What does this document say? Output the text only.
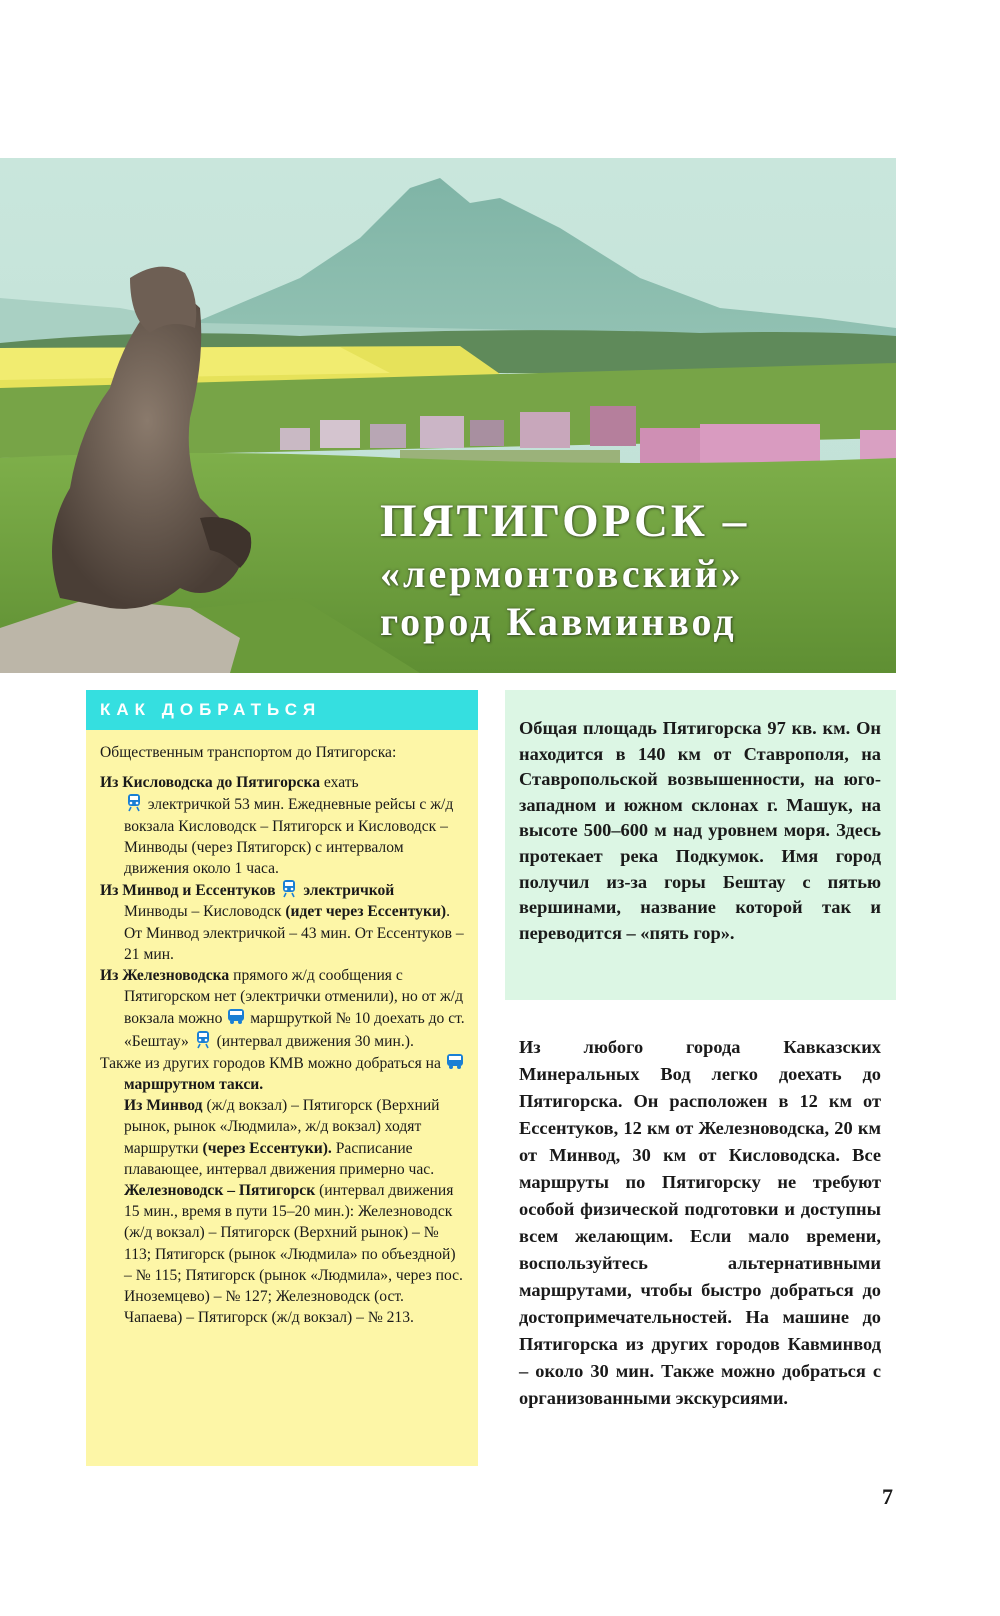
ПЯТИГОРСК –
«лермонтовский»
город Кавминвод
КАК ДОБРАТЬСЯ

Общественным транспортом до Пятигорска:

Из Кисловодска до Пятигорска ехать

электричкой 53 мин. Ежедневные рейсы с ж/д вокзала Кисловодск – Пятигорск и Кисловодск – Минводы (через Пятигорск) с интервалом движения около 1 часа.

Из Минвод и Ессентуков
электричкой
Минводы – Кисловодск (идет через Ессентуки). От Минвод электричкой – 43 мин. От Ессентуков – 21 мин.

Из Железноводска прямого ж/д сообщения с Пятигорском нет (электрички отменили), но от ж/д вокзала можно
маршруткой № 10 доехать до ст. «Бештау»
(интервал движения 30 мин.).

Также из других городов КМВ можно добраться на
маршрутном такси.

Из Минвод (ж/д вокзал) – Пятигорск (Верхний рынок, рынок «Людмила», ж/д вокзал) ходят маршрутки (через Ессентуки). Расписание плавающее, интервал движения примерно час.

Железноводск – Пятигорск (интервал движения 15 мин., время в пути 15–20 мин.): Железноводск (ж/д вокзал) – Пятигорск (Верхний рынок) – № 113; Пятигорск (рынок «Людмила» по объездной) – № 115; Пятигорск (рынок «Людмила», через пос. Иноземцево) – № 127; Железноводск (ост. Чапаева) – Пятигорск (ж/д вокзал) – № 213.

Общая площадь Пятигорска 97 кв. км. Он находится в 140 км от Ставрополя, на Ставропольской возвышенности, на юго-западном и южном склонах г. Машук, на высоте 500–600 м над уровнем моря. Здесь протекает река Подкумок. Имя город получил из-за горы Бештау с пятью вершинами, название которой так и переводится – «пять гор».

Из любого города Кавказских Минеральных Вод легко доехать до Пятигорска. Он расположен в 12 км от Ессентуков, 12 км от Железноводска, 20 км от Минвод, 30 км от Кисловодска. Все маршруты по Пятигорску не требуют особой физической подготовки и доступны всем желающим. Если мало времени, воспользуйтесь альтернативными маршрутами, чтобы быстро добраться до достопримечательностей. На машине до Пятигорска из других городов Кавминвод – около 30 мин. Также можно добраться с организованными экскурсиями.

7
